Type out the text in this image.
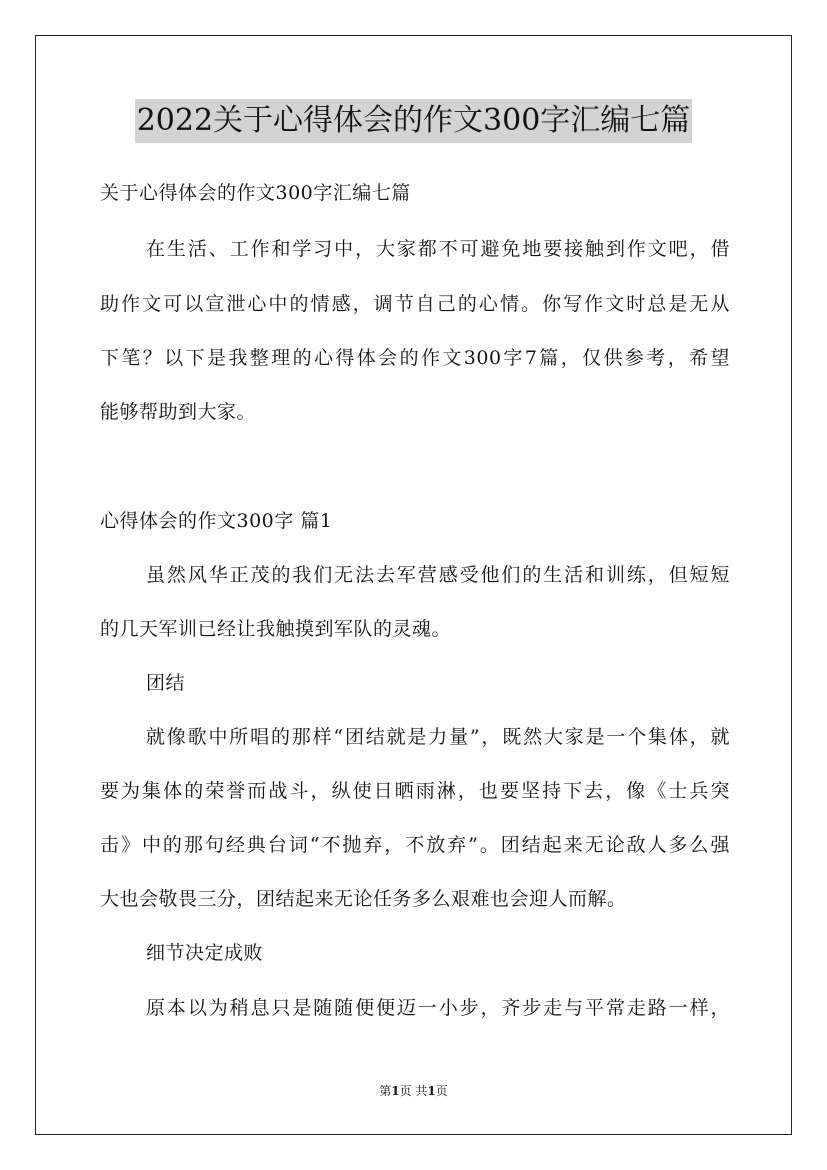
2022关于心得体会的作文300字汇编七篇
关于心得体会的作文300字汇编七篇
在生活、工作和学习中，大家都不可避免地要接触到作文吧，借
助作文可以宣泄心中的情感，调节自己的心情。你写作文时总是无从
下笔？以下是我整理的心得体会的作文300字7篇，仅供参考，希望
能够帮助到大家。
心得体会的作文300字 篇1
虽然风华正茂的我们无法去军营感受他们的生活和训练，但短短
的几天军训已经让我触摸到军队的灵魂。
团结
就像歌中所唱的那样“团结就是力量”，既然大家是一个集体，就
要为集体的荣誉而战斗，纵使日晒雨淋，也要坚持下去，像《士兵突
击》中的那句经典台词“不抛弃，不放弃”。团结起来无论敌人多么强
大也会敬畏三分，团结起来无论任务多么艰难也会迎人而解。
细节决定成败
原本以为稍息只是随随便便迈一小步，齐步走与平常走路一样，
第1页 共1页
